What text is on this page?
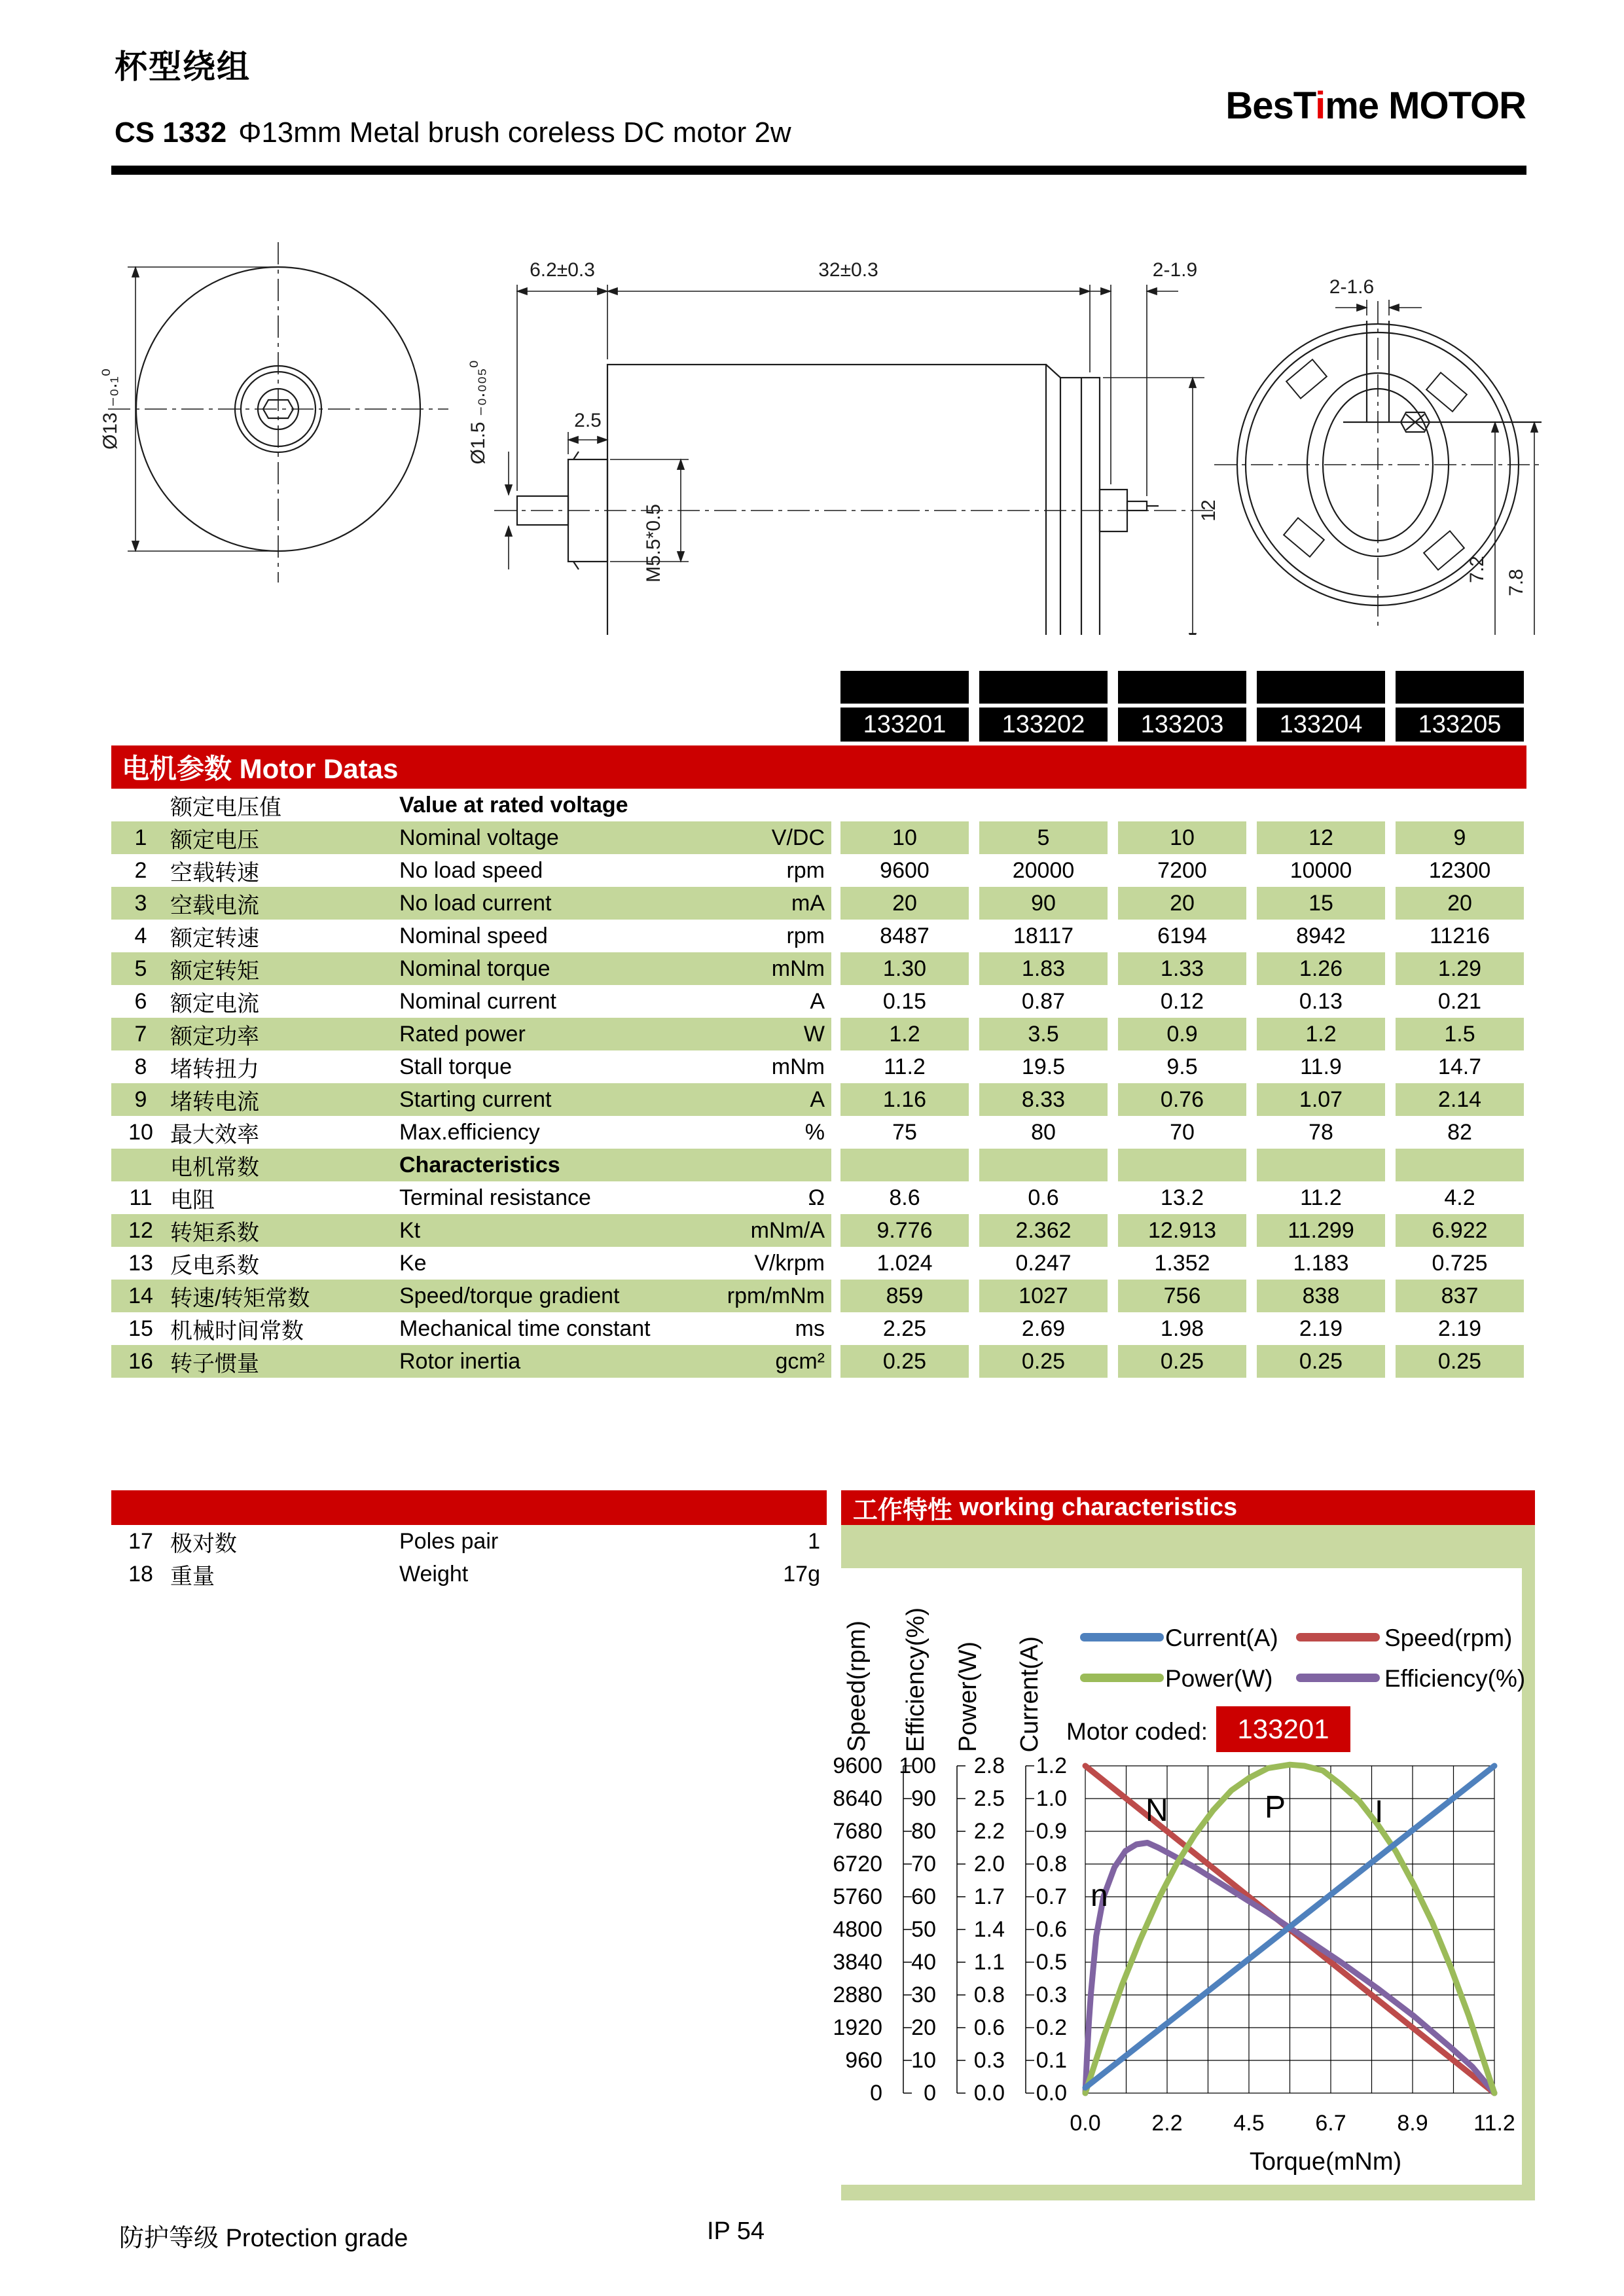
杯型绕组
CS 1332 Φ13mm Metal brush coreless DC motor 2w
BesTime MOTOR
Ø13 ₋₀.₁⁰
6.2±0.3	32±0.3	2-1.9
2.5
Ø1.5 ₋₀.₀₀₅⁰
M5.5*0.5	12
2-1.6
7.2 7.8
133201	133202	133203	133204	133205
电机参数 Motor Datas
额定电压值	Value at rated voltage
1	额定电压	Nominal voltage	V/DC	10	5	10	12	9
2	空载转速	No load speed	rpm	9600	20000	7200	10000	12300
3	空载电流	No load current	mA	20	90	20	15	20
4	额定转速	Nominal speed	rpm	8487	18117	6194	8942	11216
5	额定转矩	Nominal torque	mNm	1.30	1.83	1.33	1.26	1.29
6	额定电流	Nominal current	A	0.15	0.87	0.12	0.13	0.21
7	额定功率	Rated power	W	1.2	3.5	0.9	1.2	1.5
8	堵转扭力	Stall torque	mNm	11.2	19.5	9.5	11.9	14.7
9	堵转电流	Starting current	A	1.16	8.33	0.76	1.07	2.14
10 最大效率	Max.efficiency	%	75	80	70	78	82
电机常数	Characteristics
11 电阻	Terminal resistance	Ω	8.6	0.6	13.2	11.2	4.2
12 转矩系数	Kt	mNm/A	9.776	2.362	12.913	11.299	6.922
13 反电系数	Ke	V/krpm	1.024	0.247	1.352	1.183	0.725
14 转速/转矩常数	Speed/torque gradient	rpm/mNm	859	1027	756	838	837
15 机械时间常数	Mechanical time constant	ms	2.25	2.69	1.98	2.19	2.19
16 转子惯量	Rotor inertia	gcm²	0.25	0.25	0.25	0.25	0.25
17 极对数	Poles pair	1
18 重量	Weight	17g
工作特性
working characteristics
Speed(rpm) Efficiency(%) Power(W) Current(A)	Current(A)	Speed(rpm)
Power(W)	Efficiency(%)
Motor coded:	133201
9600
8640
7680
6720
5760
4800
3840
2880
1920
960
0
100
90
80
70
60
50
40
30
20
10
0
2.8
2.5
2.2
2.0
1.7
1.4
1.1
0.8
0.6
0.3
0.0
1.2
1.0
0.9
0.8
0.7
0.6
0.5
0.3
0.2
0.1
0.0
0.0	2.2	4.5	6.7	8.9	11.2
I
N	P
n
Torque(mNm)
防护等级 Protection grade	IP 54
